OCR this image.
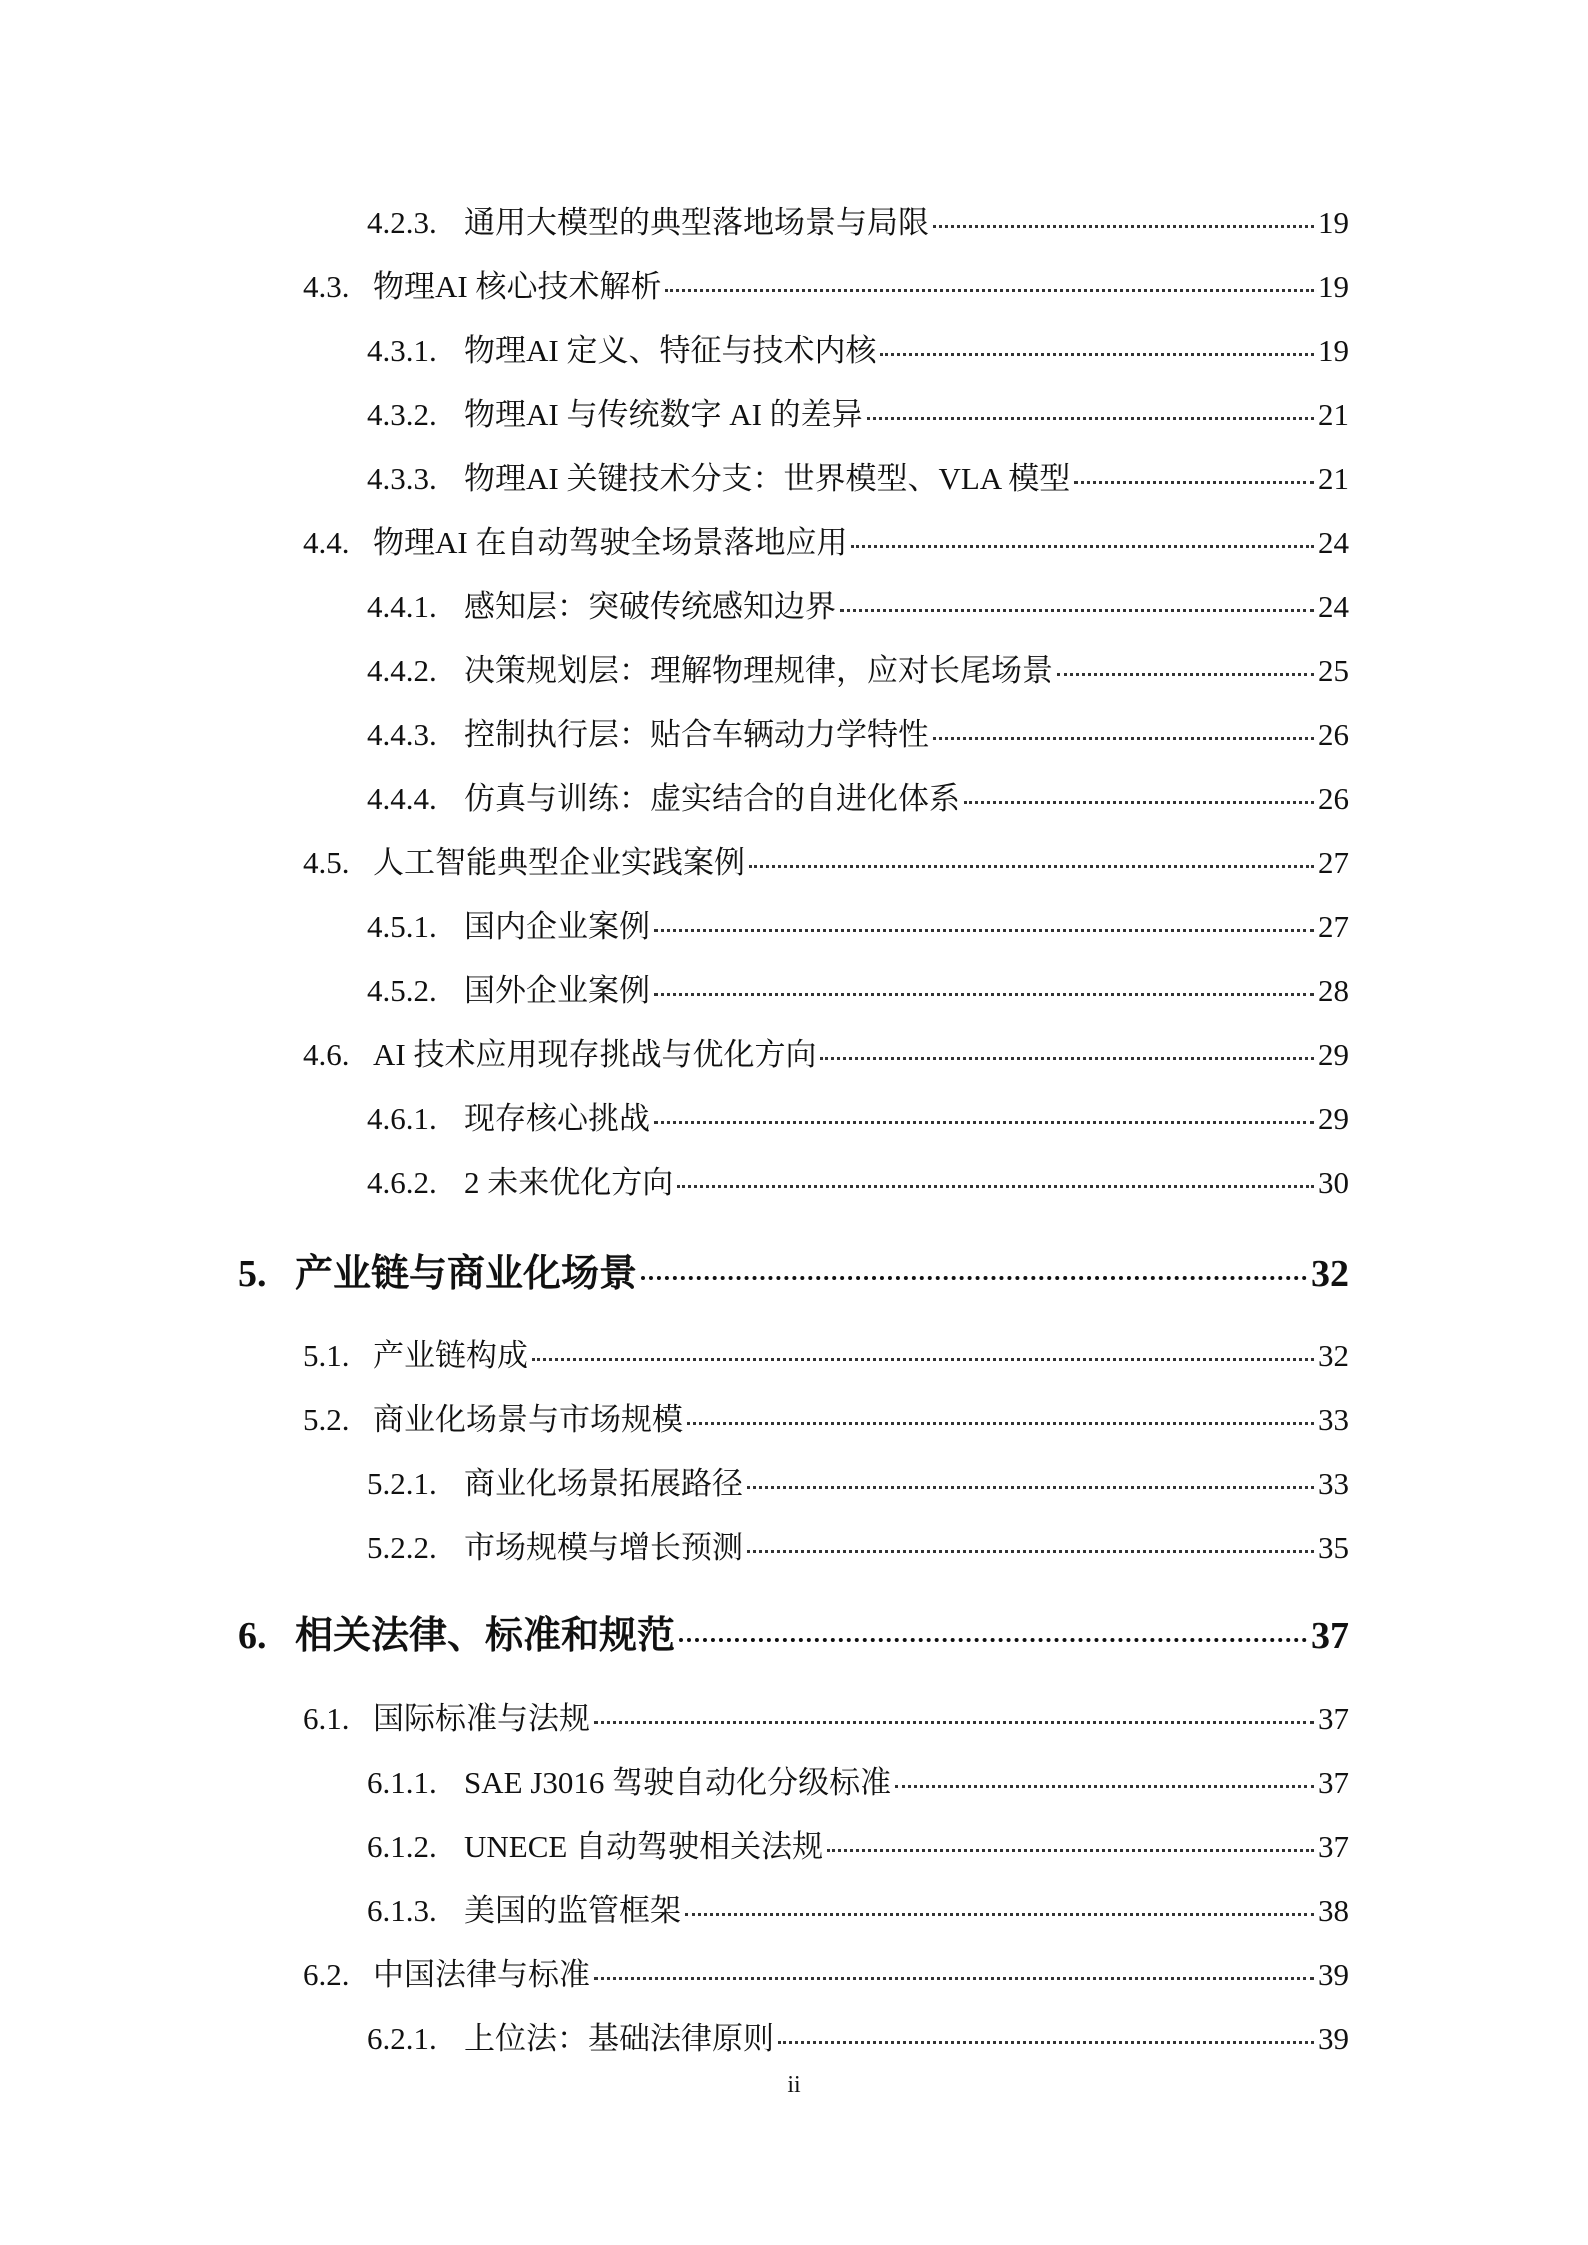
4.2.3. 通用大模型的典型落地场景与局限	19
4.3. 物理AI 核心技术解析	19
4.3.1. 物理AI 定义、特征与技术内核	19
4.3.2. 物理AI 与传统数字 AI 的差异	21
4.3.3. 物理AI 关键技术分支：世界模型、VLA 模型	21
4.4. 物理AI 在自动驾驶全场景落地应用	24
4.4.1. 感知层：突破传统感知边界	24
4.4.2. 决策规划层：理解物理规律，应对长尾场景	25
4.4.3. 控制执行层：贴合车辆动力学特性	26
4.4.4. 仿真与训练：虚实结合的自进化体系	26
4.5. 人工智能典型企业实践案例	27
4.5.1. 国内企业案例	27
4.5.2. 国外企业案例	28
4.6. AI 技术应用现存挑战与优化方向	29
4.6.1. 现存核心挑战	29
4.6.2. 2 未来优化方向	30
5. 产业链与商业化场景	32
5.1. 产业链构成	32
5.2. 商业化场景与市场规模	33
5.2.1. 商业化场景拓展路径	33
5.2.2. 市场规模与增长预测	35
6. 相关法律、标准和规范	37
6.1. 国际标准与法规	37
6.1.1. SAE J3016 驾驶自动化分级标准	37
6.1.2. UNECE 自动驾驶相关法规	37
6.1.3. 美国的监管框架	38
6.2. 中国法律与标准	39
6.2.1. 上位法：基础法律原则	39
ii
